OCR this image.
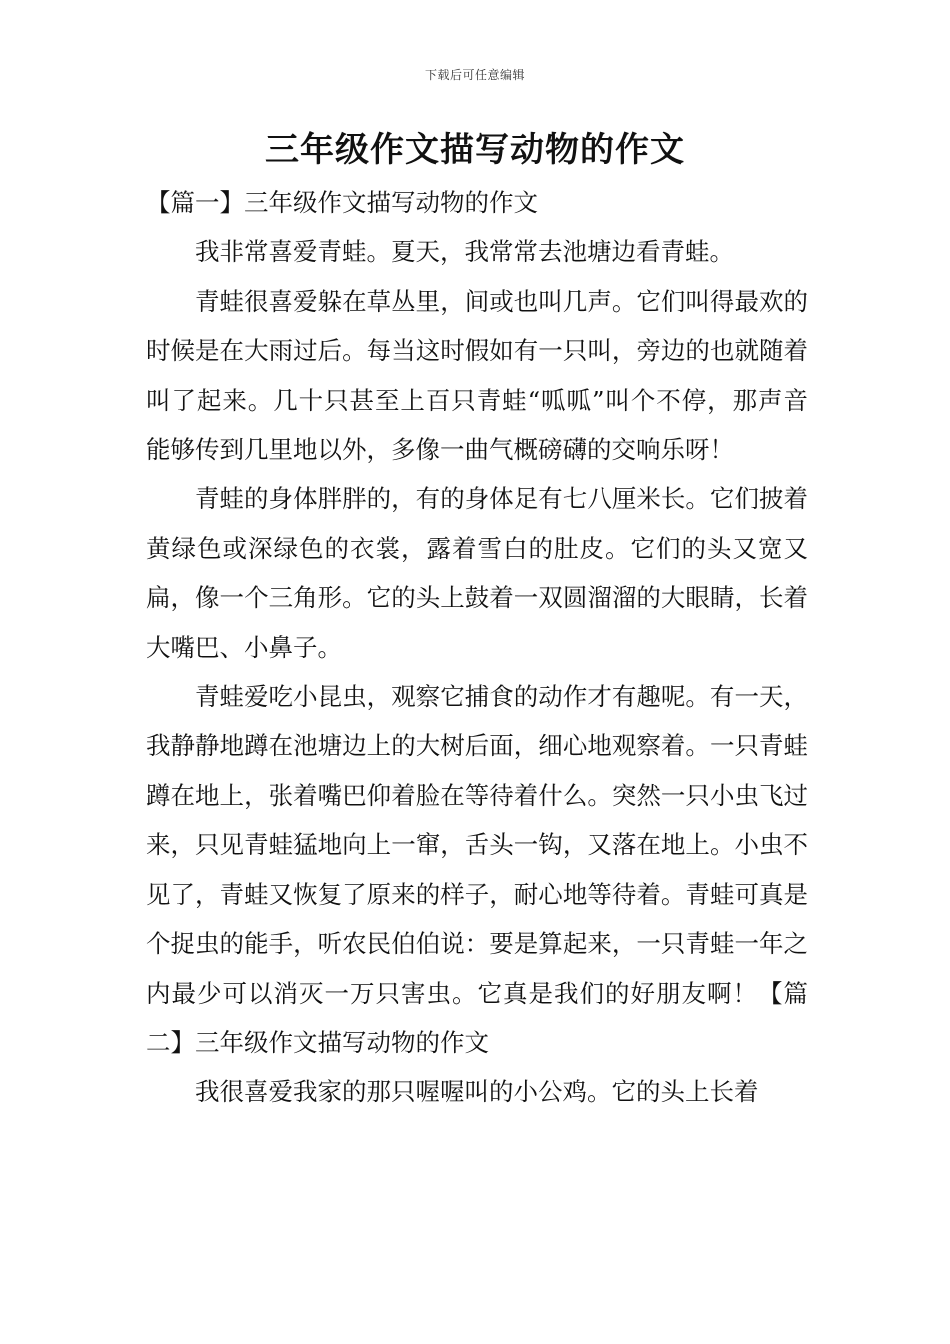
下载后可任意编辑
三年级作文描写动物的作文

【篇一】三年级作文描写动物的作文

我非常喜爱青蛙。夏天，我常常去池塘边看青蛙。

青蛙很喜爱躲在草丛里，间或也叫几声。它们叫得最欢的时候是在大雨过后。每当这时假如有一只叫，旁边的也就随着叫了起来。几十只甚至上百只青蛙“呱呱”叫个不停，那声音能够传到几里地以外，多像一曲气概磅礴的交响乐呀！

青蛙的身体胖胖的，有的身体足有七八厘米长。它们披着黄绿色或深绿色的衣裳，露着雪白的肚皮。它们的头又宽又扁，像一个三角形。它的头上鼓着一双圆溜溜的大眼睛，长着大嘴巴、小鼻子。

青蛙爱吃小昆虫，观察它捕食的动作才有趣呢。有一天，我静静地蹲在池塘边上的大树后面，细心地观察着。一只青蛙蹲在地上，张着嘴巴仰着脸在等待着什么。突然一只小虫飞过来，只见青蛙猛地向上一窜，舌头一钩，又落在地上。小虫不见了，青蛙又恢复了原来的样子，耐心地等待着。青蛙可真是个捉虫的能手，听农民伯伯说：要是算起来，一只青蛙一年之内最少可以消灭一万只害虫。它真是我们的好朋友啊！【篇二】三年级作文描写动物的作文

我很喜爱我家的那只喔喔叫的小公鸡。它的头上长着
